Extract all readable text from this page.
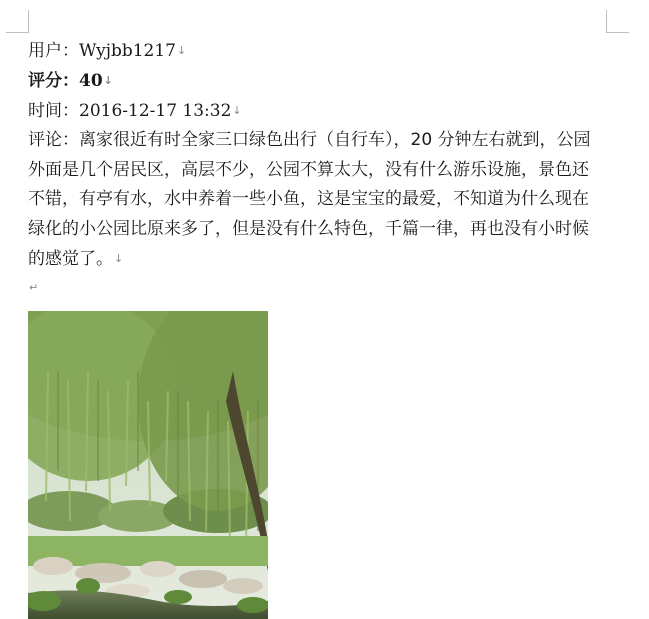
用户：Wyjbb1217↓
评分：40↓
时间：2016-12-17 13:32↓
评论：离家很近有时全家三口绿色出行（自行车），20 分钟左右就到，公园外面是几个居民区，高层不少，公园不算太大，没有什么游乐设施，景色还不错，有亭有水，水中养着一些小鱼，这是宝宝的最爱，不知道为什么现在绿化的小公园比原来多了，但是没有什么特色，千篇一律，再也没有小时候的感觉了。↓
↵
